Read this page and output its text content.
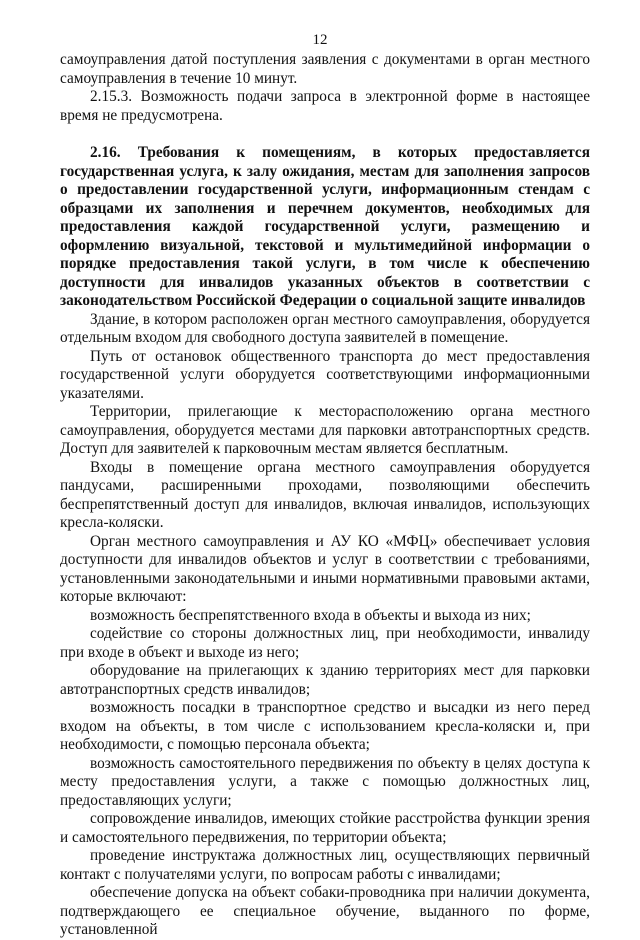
12

самоуправления датой поступления заявления с документами в орган местного самоуправления в течение 10 минут.

2.15.3. Возможность подачи запроса в электронной форме в настоящее время не предусмотрена.

2.16. Требования к помещениям, в которых предоставляется государственная услуга, к залу ожидания, местам для заполнения запросов о предоставлении государственной услуги, информационным стендам с образцами их заполнения и перечнем документов, необходимых для предоставления каждой государственной услуги, размещению и оформлению визуальной, текстовой и мультимедийной информации о порядке предоставления такой услуги, в том числе к обеспечению доступности для инвалидов указанных объектов в соответствии с законодательством Российской Федерации о социальной защите инвалидов

Здание, в котором расположен орган местного самоуправления, оборудуется отдельным входом для свободного доступа заявителей в помещение.

Путь от остановок общественного транспорта до мест предоставления государственной услуги оборудуется соответствующими информационными указателями.

Территории, прилегающие к месторасположению органа местного самоуправления, оборудуется местами для парковки автотранспортных средств. Доступ для заявителей к парковочным местам является бесплатным.

Входы в помещение органа местного самоуправления оборудуется пандусами, расширенными проходами, позволяющими обеспечить беспрепятственный доступ для инвалидов, включая инвалидов, использующих кресла-коляски.

Орган местного самоуправления и АУ КО «МФЦ» обеспечивает условия доступности для инвалидов объектов и услуг в соответствии с требованиями, установленными законодательными и иными нормативными правовыми актами, которые включают:

возможность беспрепятственного входа в объекты и выхода из них;

содействие со стороны должностных лиц, при необходимости, инвалиду при входе в объект и выходе из него;

оборудование на прилегающих к зданию территориях мест для парковки автотранспортных средств инвалидов;

возможность посадки в транспортное средство и высадки из него перед входом на объекты, в том числе с использованием кресла-коляски и, при необходимости, с помощью персонала объекта;

возможность самостоятельного передвижения по объекту в целях доступа к месту предоставления услуги, а также с помощью должностных лиц, предоставляющих услуги;

сопровождение инвалидов, имеющих стойкие расстройства функции зрения и самостоятельного передвижения, по территории объекта;

проведение инструктажа должностных лиц, осуществляющих первичный контакт с получателями услуги, по вопросам работы с инвалидами;

обеспечение допуска на объект собаки-проводника при наличии документа, подтверждающего ее специальное обучение, выданного по форме, установленной
